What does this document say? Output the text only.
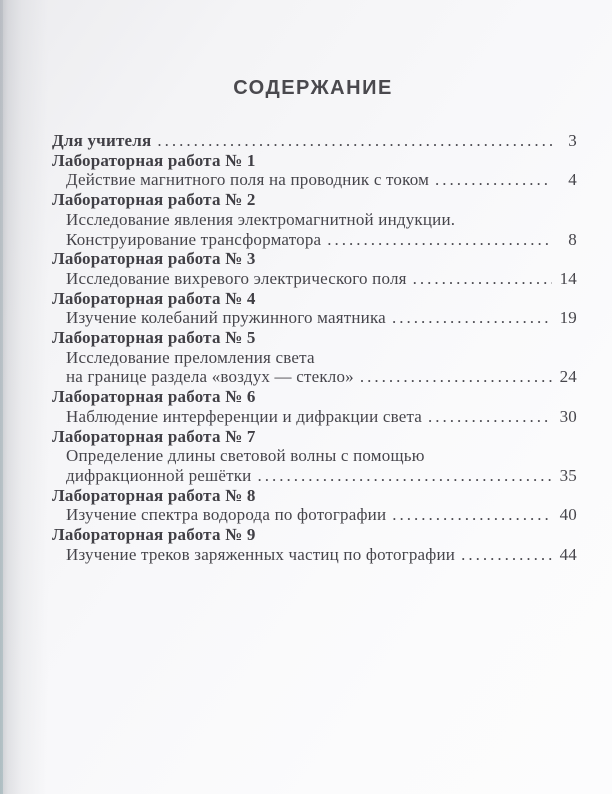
СОДЕРЖАНИЕ
Для учителя .....	3
Лабораторная работа № 1
Действие магнитного поля на проводник с током .....	4
Лабораторная работа № 2
Исследование явления электромагнитной индукции.
Конструирование трансформатора .....	8
Лабораторная работа № 3
Исследование вихревого электрического поля .....	14
Лабораторная работа № 4
Изучение колебаний пружинного маятника .....	19
Лабораторная работа № 5
Исследование преломления света
на границе раздела «воздух — стекло» .....	24
Лабораторная работа № 6
Наблюдение интерференции и дифракции света .....	30
Лабораторная работа № 7
Определение длины световой волны с помощью
дифракционной решётки .....	35
Лабораторная работа № 8
Изучение спектра водорода по фотографии .....	40
Лабораторная работа № 9
Изучение треков заряженных частиц по фотографии .....	44
